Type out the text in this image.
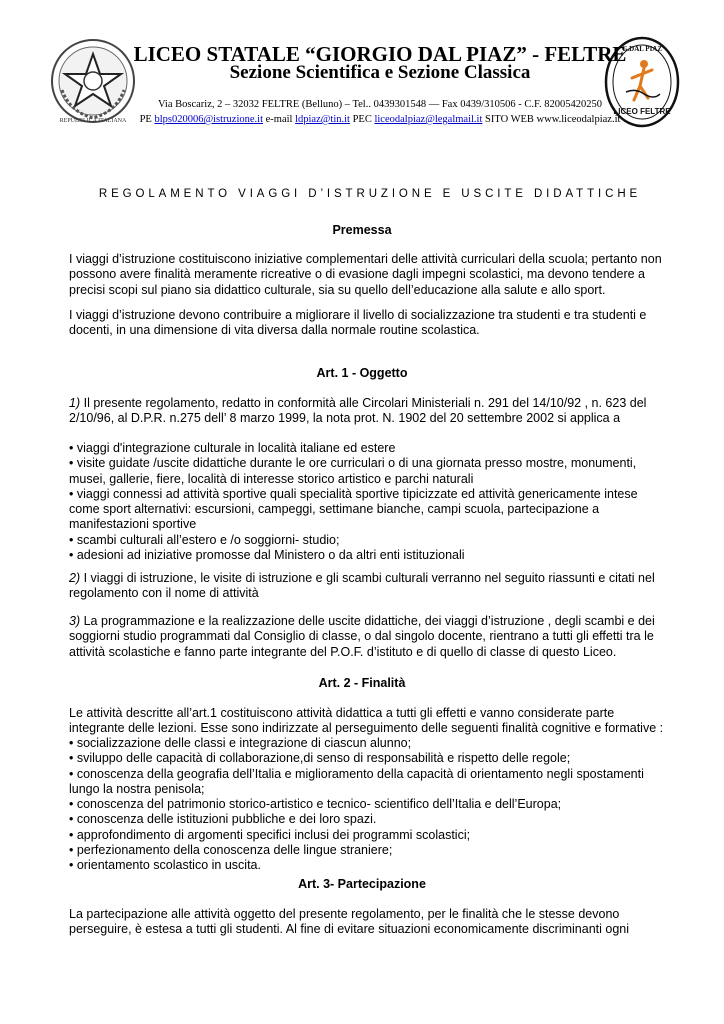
REPUBBLICA ITALIANA
G.DAL PIAZ
LICEO FELTRE
LICEO STATALE “GIORGIO DAL PIAZ” - FELTRE
Sezione Scientifica e Sezione Classica
Via Boscariz, 2 – 32032 FELTRE (Belluno) – Tel.. 0439301548 — Fax 0439/310506 - C.F. 82005420250
PE blps020006@istruzione.it e-mail ldpiaz@tin.it PEC liceodalpiaz@legalmail.it SITO WEB www.liceodalpiaz.it
REGOLAMENTO VIAGGI D’ISTRUZIONE E USCITE DIDATTICHE
Premessa
I viaggi d’istruzione costituiscono iniziative complementari delle attività curriculari della scuola; pertanto non possono avere finalità meramente ricreative o di evasione dagli impegni scolastici, ma devono tendere a precisi scopi sul piano sia didattico culturale, sia su quello dell’educazione alla salute e allo sport.
I viaggi d’istruzione devono contribuire a migliorare il livello di socializzazione tra studenti e tra studenti e docenti, in una dimensione di vita diversa dalla normale routine scolastica.
Art. 1 - Oggetto
1) Il presente regolamento, redatto in conformità alle Circolari Ministeriali n. 291 del 14/10/92 , n. 623 del 2/10/96, al D.P.R. n.275 dell’ 8 marzo 1999, la nota prot. N. 1902 del 20 settembre 2002 si applica a
• viaggi d'integrazione culturale in località italiane ed estere
• visite guidate /uscite didattiche durante le ore curriculari o di una giornata presso mostre, monumenti, musei, gallerie, fiere, località di interesse storico artistico e parchi naturali
• viaggi connessi ad attività sportive quali specialità sportive tipicizzate ed attività genericamente intese come sport alternativi: escursioni, campeggi, settimane bianche, campi scuola, partecipazione a manifestazioni sportive
• scambi culturali all’estero e /o soggiorni- studio;
• adesioni ad iniziative promosse dal Ministero o da altri enti istituzionali
2) I viaggi di istruzione, le visite di istruzione e gli scambi culturali verranno nel seguito riassunti e citati nel regolamento con il nome di attività
3) La programmazione e la realizzazione delle uscite didattiche, dei viaggi d’istruzione , degli scambi e dei soggiorni studio programmati dal Consiglio di classe, o dal singolo docente, rientrano a tutti gli effetti tra le attività scolastiche e fanno parte integrante del P.O.F. d’istituto e di quello di classe di questo Liceo.
Art. 2 - Finalità
Le attività descritte all’art.1 costituiscono attività didattica a tutti gli effetti e vanno considerate parte integrante delle lezioni. Esse sono indirizzate al perseguimento delle seguenti finalità cognitive e formative :
• socializzazione delle classi e integrazione di ciascun alunno;
• sviluppo delle capacità di collaborazione,di senso di responsabilità e rispetto delle regole;
• conoscenza della geografia dell’Italia e miglioramento della capacità di orientamento negli spostamenti lungo la nostra penisola;
• conoscenza del patrimonio storico-artistico e tecnico- scientifico dell’Italia e dell’Europa;
• conoscenza delle istituzioni pubbliche e dei loro spazi.
• approfondimento di argomenti specifici inclusi dei programmi scolastici;
• perfezionamento della conoscenza delle lingue straniere;
• orientamento scolastico in uscita.
Art. 3- Partecipazione
La partecipazione alle attività oggetto del presente regolamento, per le finalità che le stesse devono perseguire, è estesa a tutti gli studenti. Al fine di evitare situazioni economicamente discriminanti ogni
